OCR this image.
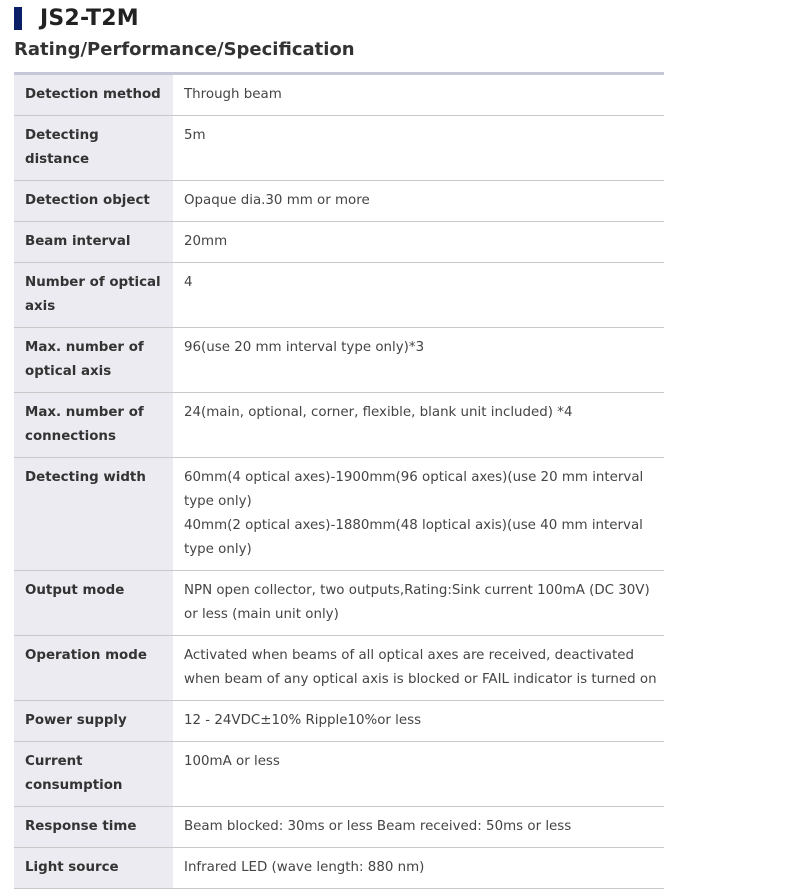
JS2-T2M
Rating/Performance/Specification
Detection method	Through beam

Detecting distance	5m

Detection object	Opaque dia.30 mm or more

Beam interval	20mm

Number of optical axis	4

Max. number of optical axis	96(use 20 mm interval type only)*3

Max. number of connections	24(main, optional, corner, flexible, blank unit included) *4

Detecting width	60mm(4 optical axes)-1900mm(96 optical axes)(use 20 mm interval type only)
40mm(2 optical axes)-1880mm(48 loptical axis)(use 40 mm interval type only)

Output mode	NPN open collector, two outputs,Rating:Sink current 100mA (DC 30V) or less (main unit only)

Operation mode	Activated when beams of all optical axes are received, deactivated when beam of any optical axis is blocked or FAIL indicator is turned on

Power supply	12 - 24VDC±10% Ripple10%or less

Current consumption	100mA or less

Response time	Beam blocked: 30ms or less Beam received: 50ms or less

Light source	Infrared LED (wave length: 880 nm)
